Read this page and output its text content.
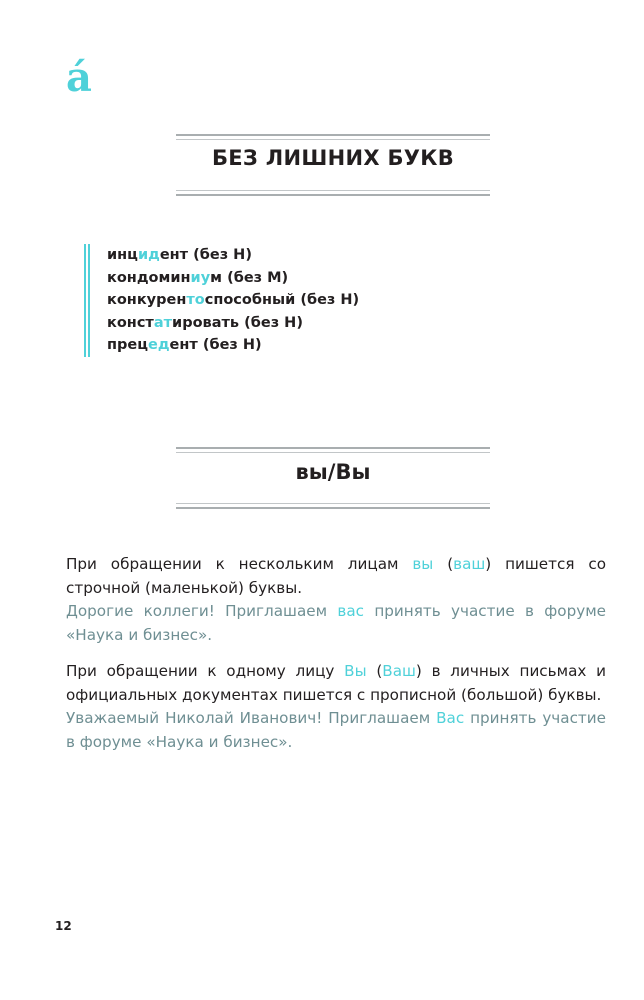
á
БЕЗ ЛИШНИХ БУКВ
инцидент (без Н)
кондоминиум (без М)
конкурентоспособный (без Н)
констатировать (без Н)
прецедент (без Н)
вы/Вы
При обращении к нескольким лицам вы (ваш) пишется со строчной (маленькой) буквы.
Дорогие коллеги! Приглашаем вас принять участие в форуме «Наука и бизнес».
При обращении к одному лицу Вы (Ваш) в личных письмах и официальных документах пишется с прописной (большой) буквы.
Уважаемый Николай Иванович! Приглашаем Вас принять участие в форуме «Наука и бизнес».
12
